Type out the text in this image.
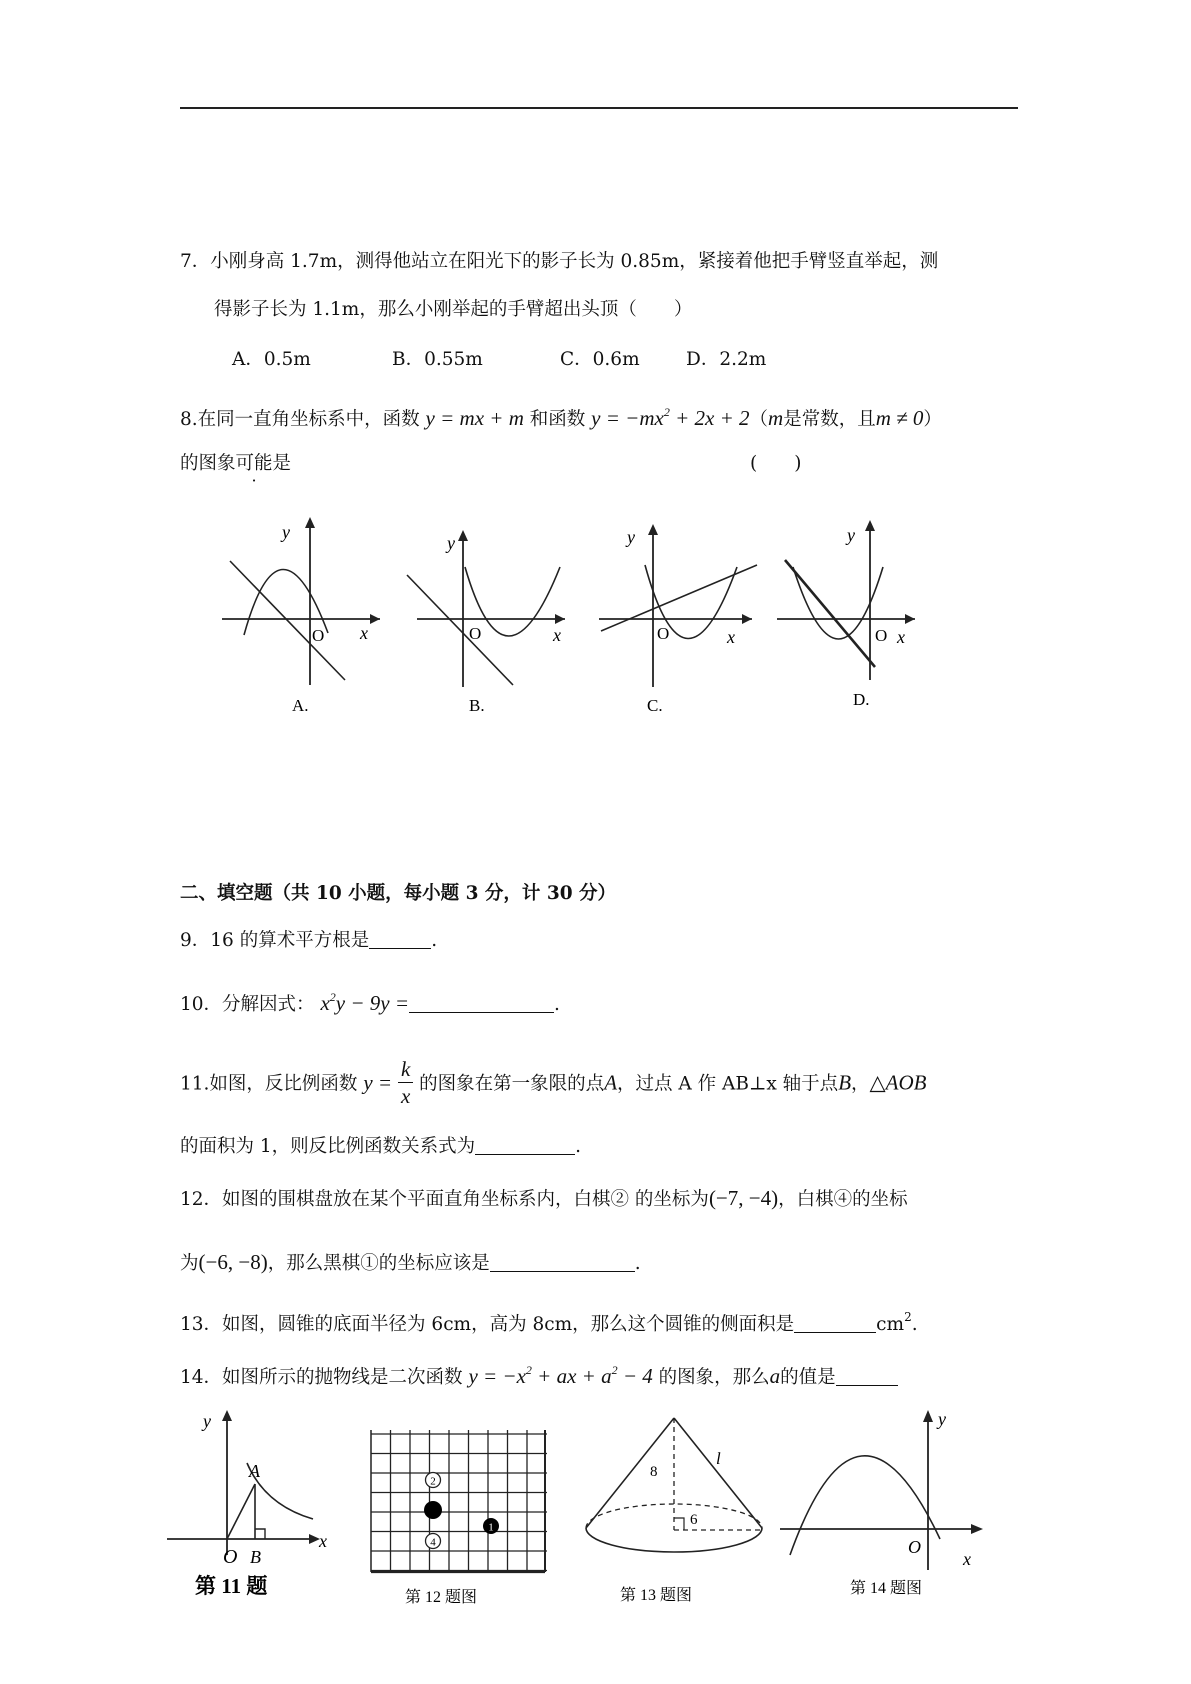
7．小刚身高 1.7m，测得他站立在阳光下的影子长为 0.85m，紧接着他把手臂竖直举起，测
得影子长为 1.1m，那么小刚举起的手臂超出头顶（　　）
A．0.5m	B．0.55m	C．0.6m	D．2.2m
8.在同一直角坐标系中，函数 y = mx + m 和函数 $y = -mx^2 + 2x + 2(m$是常数，且m ≠ 0）
的图象可能是	(　　)
y
x
O
A.
y
x
O
B.
y
x
O
C.
y
x
O
D.
二、填空题（共 10 小题，每小题 3 分，计 30 分）
9．16 的算术平方根是	.
10．分解因式： $x^2y - 9y$ =	.
11.如图，反比例函数 $y = \frac{k}{x}$ 的图象在第一象限的点A，过点 A 作 AB⊥x 轴于点B，△AOB
的面积为 1，则反比例函数关系式为	.
12．如图的围棋盘放在某个平面直角坐标系内，白棋② 的坐标为(−7, −4)，白棋④的坐标
为(−6, −8)，那么黑棋①的坐标应该是	.
13．如图，圆锥的底面半径为 6cm，高为 8cm，那么这个圆锥的侧面积是	$cm^2$.
14．如图所示的抛物线是二次函数 $y = -x^2$ + ax + $a^2 - 4$ 的图象，那么a的值是
y
x
O
A
B
第 11 题
2
4
1
第 12 题图
8
6
l
第 13 题图
y
x
O
第 14 题图
